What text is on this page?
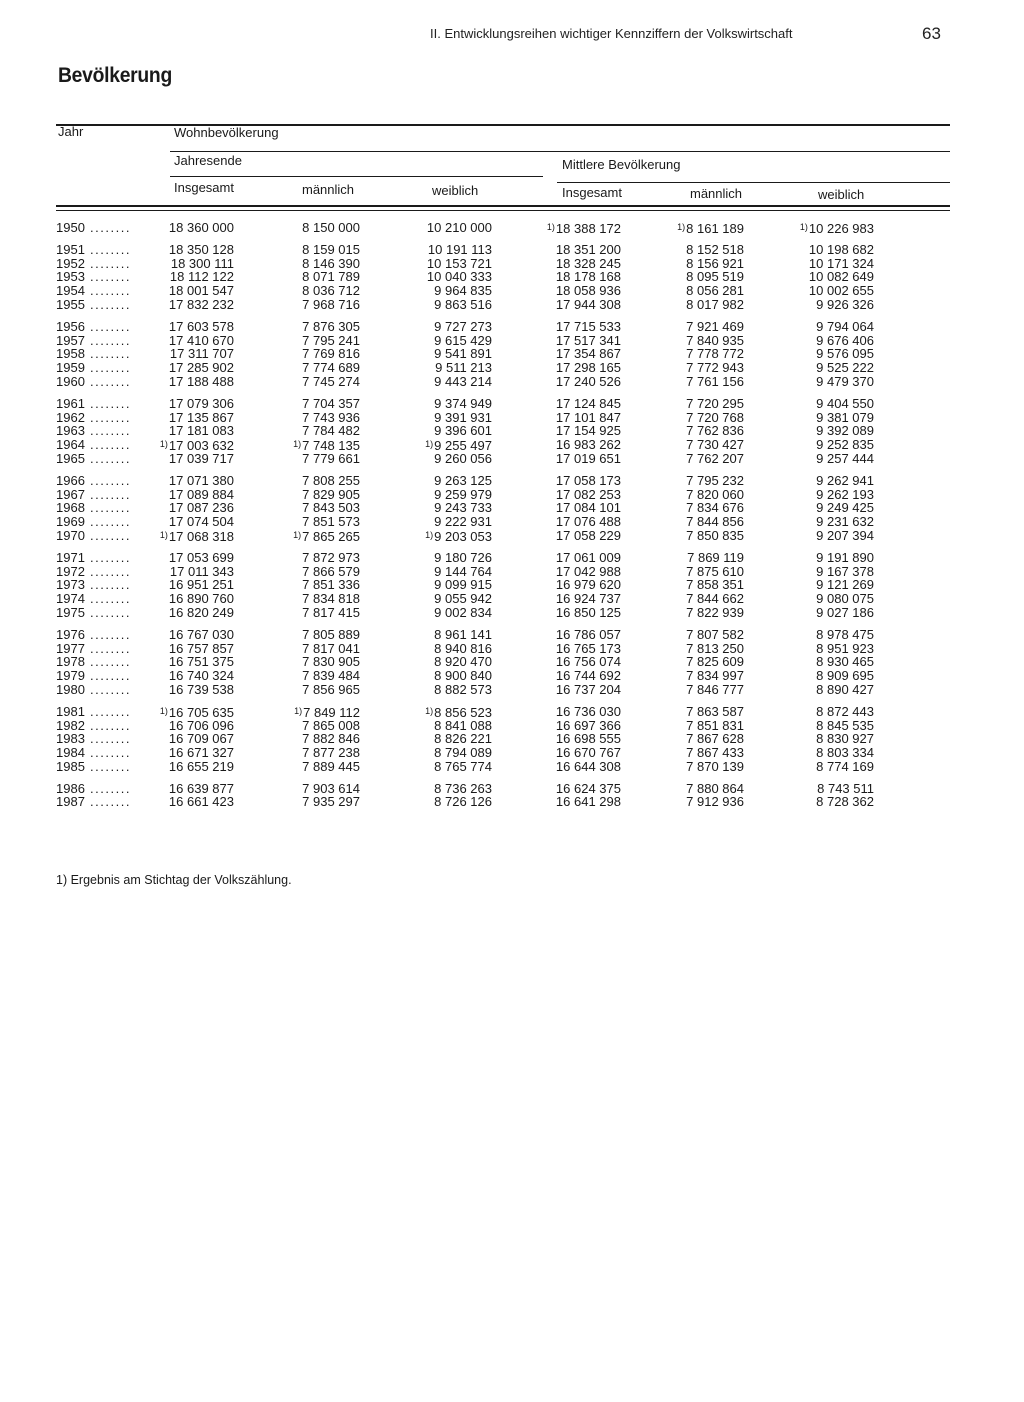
II. Entwicklungsreihen wichtiger Kennziffern der Volkswirtschaft	63
Bevölkerung
Jahr	Wohnbevölkerung
Jahresende	Mittlere Bevölkerung
Insgesamt	männlich	weiblich	Insgesamt	männlich	weiblich
1950 ........	18 360 000	8 150 000	10 210 000	$^{1)}$18 388 172	$^{1)}$8 161 189	$^{1)}$10 226 983
1951 ........	18 350 128	8 159 015	10 191 113	18 351 200	8 152 518	10 198 682
1952 ........	18 300 111	8 146 390	10 153 721	18 328 245	8 156 921	10 171 324
1953 ........	18 112 122	8 071 789	10 040 333	18 178 168	8 095 519	10 082 649
1954 ........	18 001 547	8 036 712	9 964 835	18 058 936	8 056 281	10 002 655
1955 ........	17 832 232	7 968 716	9 863 516	17 944 308	8 017 982	9 926 326
1956 ........	17 603 578	7 876 305	9 727 273	17 715 533	7 921 469	9 794 064
1957 ........	17 410 670	7 795 241	9 615 429	17 517 341	7 840 935	9 676 406
1958 ........	17 311 707	7 769 816	9 541 891	17 354 867	7 778 772	9 576 095
1959 ........	17 285 902	7 774 689	9 511 213	17 298 165	7 772 943	9 525 222
1960 ........	17 188 488	7 745 274	9 443 214	17 240 526	7 761 156	9 479 370
1961 ........	17 079 306	7 704 357	9 374 949	17 124 845	7 720 295	9 404 550
1962 ........	17 135 867	7 743 936	9 391 931	17 101 847	7 720 768	9 381 079
1963 ........	17 181 083	7 784 482	9 396 601	17 154 925	7 762 836	9 392 089
1964 ........	$^{1)}$17 003 632	$^{1)}$7 748 135	$^{1)}$9 255 497	16 983 262	7 730 427	9 252 835
1965 ........	17 039 717	7 779 661	9 260 056	17 019 651	7 762 207	9 257 444
1966 ........	17 071 380	7 808 255	9 263 125	17 058 173	7 795 232	9 262 941
1967 ........	17 089 884	7 829 905	9 259 979	17 082 253	7 820 060	9 262 193
1968 ........	17 087 236	7 843 503	9 243 733	17 084 101	7 834 676	9 249 425
1969 ........	17 074 504	7 851 573	9 222 931	17 076 488	7 844 856	9 231 632
1970 ........	$^{1)}$17 068 318	$^{1)}$7 865 265	$^{1)}$9 203 053	17 058 229	7 850 835	9 207 394
1971 ........	17 053 699	7 872 973	9 180 726	17 061 009	7 869 119	9 191 890
1972 ........	17 011 343	7 866 579	9 144 764	17 042 988	7 875 610	9 167 378
1973 ........	16 951 251	7 851 336	9 099 915	16 979 620	7 858 351	9 121 269
1974 ........	16 890 760	7 834 818	9 055 942	16 924 737	7 844 662	9 080 075
1975 ........	16 820 249	7 817 415	9 002 834	16 850 125	7 822 939	9 027 186
1976 ........	16 767 030	7 805 889	8 961 141	16 786 057	7 807 582	8 978 475
1977 ........	16 757 857	7 817 041	8 940 816	16 765 173	7 813 250	8 951 923
1978 ........	16 751 375	7 830 905	8 920 470	16 756 074	7 825 609	8 930 465
1979 ........	16 740 324	7 839 484	8 900 840	16 744 692	7 834 997	8 909 695
1980 ........	16 739 538	7 856 965	8 882 573	16 737 204	7 846 777	8 890 427
1981 ........	$^{1)}$16 705 635	$^{1)}$7 849 112	$^{1)}$8 856 523	16 736 030	7 863 587	8 872 443
1982 ........	16 706 096	7 865 008	8 841 088	16 697 366	7 851 831	8 845 535
1983 ........	16 709 067	7 882 846	8 826 221	16 698 555	7 867 628	8 830 927
1984 ........	16 671 327	7 877 238	8 794 089	16 670 767	7 867 433	8 803 334
1985 ........	16 655 219	7 889 445	8 765 774	16 644 308	7 870 139	8 774 169
1986 ........	16 639 877	7 903 614	8 736 263	16 624 375	7 880 864	8 743 511
1987 ........	16 661 423	7 935 297	8 726 126	16 641 298	7 912 936	8 728 362
1) Ergebnis am Stichtag der Volkszählung.
